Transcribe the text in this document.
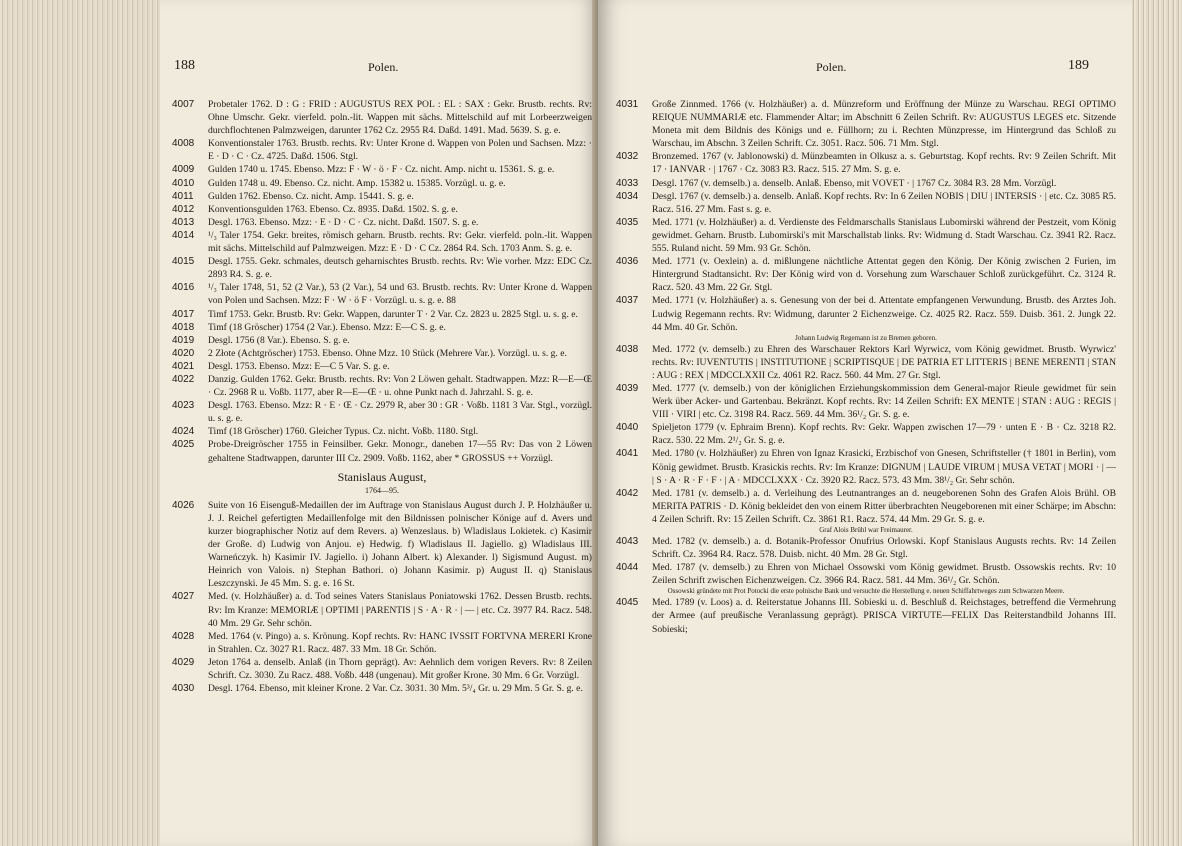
188	Polen.
4007 Probetaler 1762. D : G : FRID : AUGUSTUS REX POL : EL : SAX : Gekr. Brustb. rechts. Rv: Ohne Umschr. Gekr. vierfeld. poln.-lit. Wappen mit sächs. Mittelschild auf mit Lorbeerzweigen durchflochtenen Palmzweigen, darunter 1762 Cz. 2955 R4. Daßd. 1491. Mad. 5639. S. g. e.
4008 Konventionstaler 1763. Brustb. rechts. Rv: Unter Krone d. Wappen von Polen und Sachsen. Mzz: · E · D · C · Cz. 4725. Daßd. 1506. Stgl.
4009 Gulden 1740 u. 1745. Ebenso. Mzz: F · W · ö · F · Cz. nicht. Amp. nicht u. 15361. S. g. e.
4010 Gulden 1748 u. 49. Ebenso. Cz. nicht. Amp. 15382 u. 15385. Vorzügl. u. g. e.
4011 Gulden 1762. Ebenso. Cz. nicht. Amp. 15441. S. g. e.
4012 Konventionsgulden 1763. Ebenso. Cz. 8935. Daßd. 1502. S. g. e.
4013 Desgl. 1763. Ebenso. Mzz: · E · D · C · Cz. nicht. Daßd. 1507. S. g. e.
4014 ¹/₃ Taler 1754. Gekr. breites, römisch geharn. Brustb. rechts. Rv: Gekr. vierfeld. poln.-lit. Wappen mit sächs. Mittelschild auf Palmzweigen. Mzz: E · D · C Cz. 2864 R4. Sch. 1703 Anm. S. g. e.
4015 Desgl. 1755. Gekr. schmales, deutsch geharnischtes Brustb. rechts. Rv: Wie vorher. Mzz: EDC Cz. 2893 R4. S. g. e.
4016 ¹/₃ Taler 1748, 51, 52 (2 Var.), 53 (2 Var.), 54 und 63. Brustb. rechts. Rv: Unter Krone d. Wappen von Polen und Sachsen. Mzz: F · W · ö F · Vorzügl. u. s. g. e. 88
4017 Timf 1753. Gekr. Brustb. Rv: Gekr. Wappen, darunter T · 2 Var. Cz. 2823 u. 2825 Stgl. u. s. g. e.
4018 Timf (18 Gröscher) 1754 (2 Var.). Ebenso. Mzz: E—C S. g. e.
4019 Desgl. 1756 (8 Var.). Ebenso. S. g. e.
4020 2 Złote (Achtgröscher) 1753. Ebenso. Ohne Mzz. 10 Stück (Mehrere Var.). Vorzügl. u. s. g. e.
4021 Desgl. 1753. Ebenso. Mzz: E—C 5 Var. S. g. e.
4022 Danzig. Gulden 1762. Gekr. Brustb. rechts. Rv: Von 2 Löwen gehalt. Stadtwappen. Mzz: R—E—Œ · Cz. 2968 R u. Voßb. 1177, aber R—E—Œ · u. ohne Punkt nach d. Jahrzahl. S. g. e.
4023 Desgl. 1763. Ebenso. Mzz: R · E · Œ · Cz. 2979 R, aber 30 : GR · Voßb. 1181 3 Var. Stgl., vorzügl. u. s. g. e.
4024 Timf (18 Gröscher) 1760. Gleicher Typus. Cz. nicht. Voßb. 1180. Stgl.
4025 Probe-Dreigröscher 1755 in Feinsilber. Gekr. Monogr., daneben 17—55 Rv: Das von 2 Löwen gehaltene Stadtwappen, darunter III Cz. 2909. Voßb. 1162, aber * GROSSUS ++ Vorzügl.
Stanislaus August,
1764—95.
4026 Suite von 16 Eisenguß-Medaillen der im Auftrage von Stanislaus August durch J. P. Holzhäußer u. J. J. Reichel gefertigten Medaillenfolge mit den Bildnissen polnischer Könige auf d. Avers und kurzer biographischer Notiz auf dem Revers. a) Wenzeslaus. b) Wladislaus Lokietek. c) Kasimir der Große. d) Ludwig von Anjou. e) Hedwig. f) Wladislaus II. Jagiello. g) Wladislaus III. Warneńczyk. h) Kasimir IV. Jagiello. i) Johann Albert. k) Alexander. l) Sigismund August. m) Heinrich von Valois. n) Stephan Bathori. o) Johann Kasimir. p) August II. q) Stanislaus Leszczynski. Je 45 Mm. S. g. e. 16 St.
4027 Med. (v. Holzhäußer) a. d. Tod seines Vaters Stanislaus Poniatowski 1762. Dessen Brustb. rechts. Rv: Im Kranze: MEMORIÆ | OPTIMI | PARENTIS | S · A · R · | — | etc. Cz. 3977 R4. Racz. 548. 40 Mm. 29 Gr. Sehr schön.
4028 Med. 1764 (v. Pingo) a. s. Krönung. Kopf rechts. Rv: HANC IVSSIT FORTVNA MERERI Krone in Strahlen. Cz. 3027 R1. Racz. 487. 33 Mm. 18 Gr. Schön.
4029 Jeton 1764 a. denselb. Anlaß (in Thorn geprägt). Av: Aehnlich dem vorigen Revers. Rv: 8 Zeilen Schrift. Cz. 3030. Zu Racz. 488. Voßb. 448 (ungenau). Mit großer Krone. 30 Mm. 6 Gr. Vorzügl.
4030 Desgl. 1764. Ebenso, mit kleiner Krone. 2 Var. Cz. 3031. 30 Mm. 5³/₄ Gr. u. 29 Mm. 5 Gr. S. g. e.
Polen.	189
4031 Große Zinnmed. 1766 (v. Holzhäußer) a. d. Münzreform und Eröffnung der Münze zu Warschau. REGI OPTIMO REIQUE NUMMARIÆ etc. Flammender Altar; im Abschnitt 6 Zeilen Schrift. Rv: AUGUSTUS LEGES etc. Sitzende Moneta mit dem Bildnis des Königs und e. Füllhorn; zu i. Rechten Münzpresse, im Hintergrund das Schloß zu Warschau, im Abschn. 3 Zeilen Schrift. Cz. 3051. Racz. 506. 71 Mm. Stgl.
4032 Bronzemed. 1767 (v. Jablonowski) d. Münzbeamten in Olkusz a. s. Geburtstag. Kopf rechts. Rv: 9 Zeilen Schrift. Mit 17 · IANVAR · | 1767 · Cz. 3083 R3. Racz. 515. 27 Mm. S. g. e.
4033 Desgl. 1767 (v. demselb.) a. denselb. Anlaß. Ebenso, mit VOVET · | 1767 Cz. 3084 R3. 28 Mm. Vorzügl.
4034 Desgl. 1767 (v. demselb.) a. denselb. Anlaß. Kopf rechts. Rv: In 6 Zeilen NOBIS | DIU | INTERSIS · | etc. Cz. 3085 R5. Racz. 516. 27 Mm. Fast s. g. e.
4035 Med. 1771 (v. Holzhäußer) a. d. Verdienste des Feldmarschalls Stanislaus Lubomirski während der Pestzeit, vom König gewidmet. Geharn. Brustb. Lubomirski's mit Marschallstab links. Rv: Widmung d. Stadt Warschau. Cz. 3941 R2. Racz. 555. Ruland nicht. 59 Mm. 93 Gr. Schön.
4036 Med. 1771 (v. Oexlein) a. d. mißlungene nächtliche Attentat gegen den König. Der König zwischen 2 Furien, im Hintergrund Stadtansicht. Rv: Der König wird von d. Vorsehung zum Warschauer Schloß zurückgeführt. Cz. 3124 R. Racz. 520. 43 Mm. 22 Gr. Stgl.
4037 Med. 1771 (v. Holzhäußer) a. s. Genesung von der bei d. Attentate empfangenen Verwundung. Brustb. des Arztes Joh. Ludwig Regemann rechts. Rv: Widmung, darunter 2 Eichenzweige. Cz. 4025 R2. Racz. 559. Duisb. 361. 2. Jungk 22. 44 Mm. 40 Gr. Schön.
Johann Ludwig Regemann ist zu Bremen geboren.
4038 Med. 1772 (v. demselb.) zu Ehren des Warschauer Rektors Karl Wyrwicz, vom König gewidmet. Brustb. Wyrwicz' rechts. Rv: IUVENTUTIS | INSTITUTIONE | SCRIPTISQUE | DE PATRIA ET LITTERIS | BENE MERENTI | STAN : AUG : REX | MDCCLXXII Cz. 4061 R2. Racz. 560. 44 Mm. 27 Gr. Stgl.
4039 Med. 1777 (v. demselb.) von der königlichen Erziehungskommission dem General-major Rieule gewidmet für sein Werk über Acker- und Gartenbau. Bekränzt. Kopf rechts. Rv: 14 Zeilen Schrift: EX MENTE | STAN : AUG : REGIS | VIII · VIRI | etc. Cz. 3198 R4. Racz. 569. 44 Mm. 36¹/₂ Gr. S. g. e.
4040 Spieljeton 1779 (v. Ephraim Brenn). Kopf rechts. Rv: Gekr. Wappen zwischen 17—79 · unten E · B · Cz. 3218 R2. Racz. 530. 22 Mm. 2¹/₂ Gr. S. g. e.
4041 Med. 1780 (v. Holzhäußer) zu Ehren von Ignaz Krasicki, Erzbischof von Gnesen, Schriftsteller († 1801 in Berlin), vom König gewidmet. Brustb. Krasickis rechts. Rv: Im Kranze: DIGNUM | LAUDE VIRUM | MUSA VETAT | MORI · | — | S · A · R · F · F · | A · MDCCLXXX · Cz. 3920 R2. Racz. 573. 43 Mm. 38¹/₂ Gr. Sehr schön.
4042 Med. 1781 (v. demselb.) a. d. Verleihung des Leutnantranges an d. neugeborenen Sohn des Grafen Alois Brühl. OB MERITA PATRIS · D. König bekleidet den von einem Ritter überbrachten Neugeborenen mit einer Schärpe; im Abschn: 4 Zeilen Schrift. Rv: 15 Zeilen Schrift. Cz. 3861 R1. Racz. 574. 44 Mm. 29 Gr. S. g. e.
Graf Alois Brühl war Freimaurer.
4043 Med. 1782 (v. demselb.) a. d. Botanik-Professor Onufrius Orlowski. Kopf Stanislaus Augusts rechts. Rv: 14 Zeilen Schrift. Cz. 3964 R4. Racz. 578. Duisb. nicht. 40 Mm. 28 Gr. Stgl.
4044 Med. 1787 (v. demselb.) zu Ehren von Michael Ossowski vom König gewidmet. Brustb. Ossowskis rechts. Rv: 10 Zeilen Schrift zwischen Eichenzweigen. Cz. 3966 R4. Racz. 581. 44 Mm. 36¹/₂ Gr. Schön.
Ossowski gründete mit Prot Potocki die erste polnische Bank und versuchte die Herstellung e. neuen Schiffahrtweges zum Schwarzen Meere.
4045 Med. 1789 (v. Loos) a. d. Reiterstatue Johanns III. Sobieski u. d. Beschluß d. Reichstages, betreffend die Vermehrung der Armee (auf preußische Veranlassung geprägt). PRISCA VIRTUTE—FELIX Das Reiterstandbild Johanns III. Sobieski;
